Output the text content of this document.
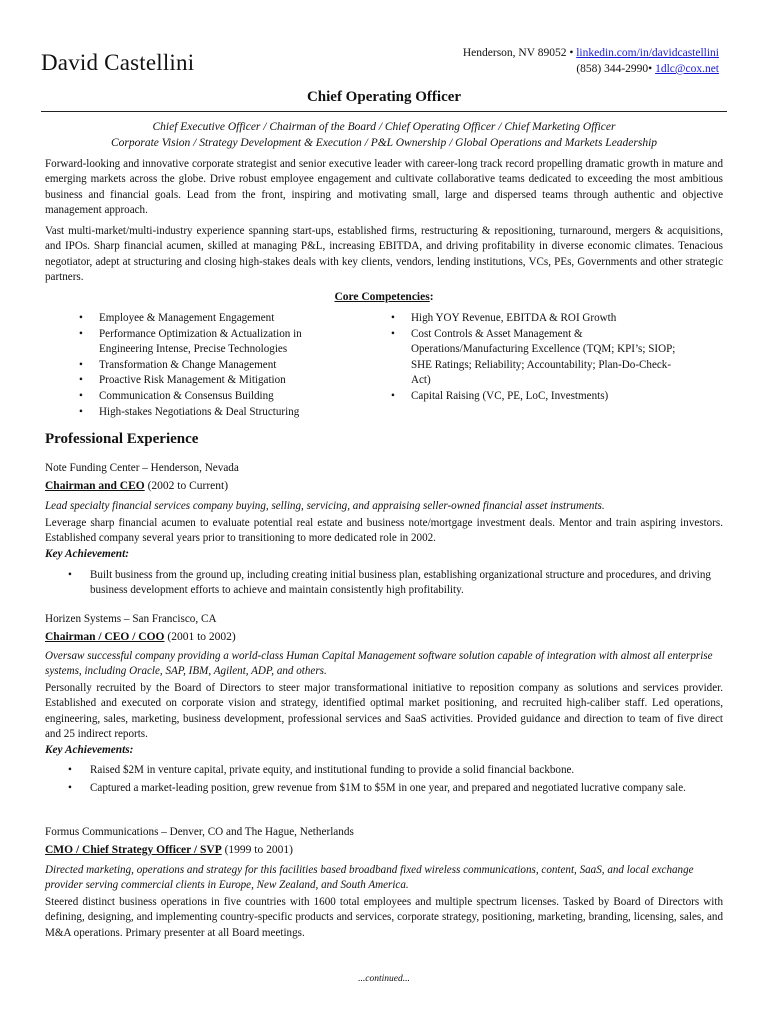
David Castellini	Henderson, NV 89052 • linkedin.com/in/davidcastellini
(858) 344-2990• 1dlc@cox.net
Chief Operating Officer
Chief Executive Officer / Chairman of the Board / Chief Operating Officer / Chief Marketing Officer
Corporate Vision / Strategy Development & Execution / P&L Ownership / Global Operations and Markets Leadership
Forward-looking and innovative corporate strategist and senior executive leader with career-long track record propelling dramatic growth in mature and emerging markets across the globe. Drive robust employee engagement and cultivate collaborative teams dedicated to exceeding the most ambitious business and financial goals. Lead from the front, inspiring and motivating small, large and dispersed teams through authentic and objective management approach.
Vast multi-market/multi-industry experience spanning start-ups, established firms, restructuring & repositioning, turnaround, mergers & acquisitions, and IPOs. Sharp financial acumen, skilled at managing P&L, increasing EBITDA, and driving profitability in diverse economic climates. Tenacious negotiator, adept at structuring and closing high-stakes deals with key clients, vendors, lending institutions, VCs, PEs, Governments and other strategic partners.
Core Competencies:
• Employee & Management Engagement
• Performance Optimization & Actualization in Engineering Intense, Precise Technologies
• Transformation & Change Management
• Proactive Risk Management & Mitigation
• Communication & Consensus Building
• High-stakes Negotiations & Deal Structuring
• High YOY Revenue, EBITDA & ROI Growth
• Cost Controls & Asset Management & Operations/Manufacturing Excellence (TQM; KPI’s; SIOP; SHE Ratings; Reliability; Accountability; Plan-Do-Check-Act)
• Capital Raising (VC, PE, LoC, Investments)
Professional Experience
Note Funding Center – Henderson, Nevada
Chairman and CEO (2002 to Current)
Lead specialty financial services company buying, selling, servicing, and appraising seller-owned financial asset instruments.
Leverage sharp financial acumen to evaluate potential real estate and business note/mortgage investment deals. Mentor and train aspiring investors. Established company several years prior to transitioning to more dedicated role in 2002.
Key Achievement:
• Built business from the ground up, including creating initial business plan, establishing organizational structure and procedures, and driving business development efforts to achieve and maintain consistently high profitability.
Horizen Systems – San Francisco, CA
Chairman / CEO / COO (2001 to 2002)
Oversaw successful company providing a world-class Human Capital Management software solution capable of integration with almost all enterprise systems, including Oracle, SAP, IBM, Agilent, ADP, and others.
Personally recruited by the Board of Directors to steer major transformational initiative to reposition company as solutions and services provider. Established and executed on corporate vision and strategy, identified optimal market positioning, and recruited high-caliber staff. Led operations, engineering, sales, marketing, business development, professional services and SaaS activities. Provided guidance and direction to team of five direct and 25 indirect reports.
Key Achievements:
• Raised $2M in venture capital, private equity, and institutional funding to provide a solid financial backbone.
• Captured a market-leading position, grew revenue from $1M to $5M in one year, and prepared and negotiated lucrative company sale.
Formus Communications – Denver, CO and The Hague, Netherlands
CMO / Chief Strategy Officer / SVP (1999 to 2001)
Directed marketing, operations and strategy for this facilities based broadband fixed wireless communications, content, SaaS, and local exchange provider serving commercial clients in Europe, New Zealand, and South America.
Steered distinct business operations in five countries with 1600 total employees and multiple spectrum licenses. Tasked by Board of Directors with defining, designing, and implementing country-specific products and services, corporate strategy, positioning, marketing, branding, licensing, sales, and M&A operations. Primary presenter at all Board meetings.
...continued...
